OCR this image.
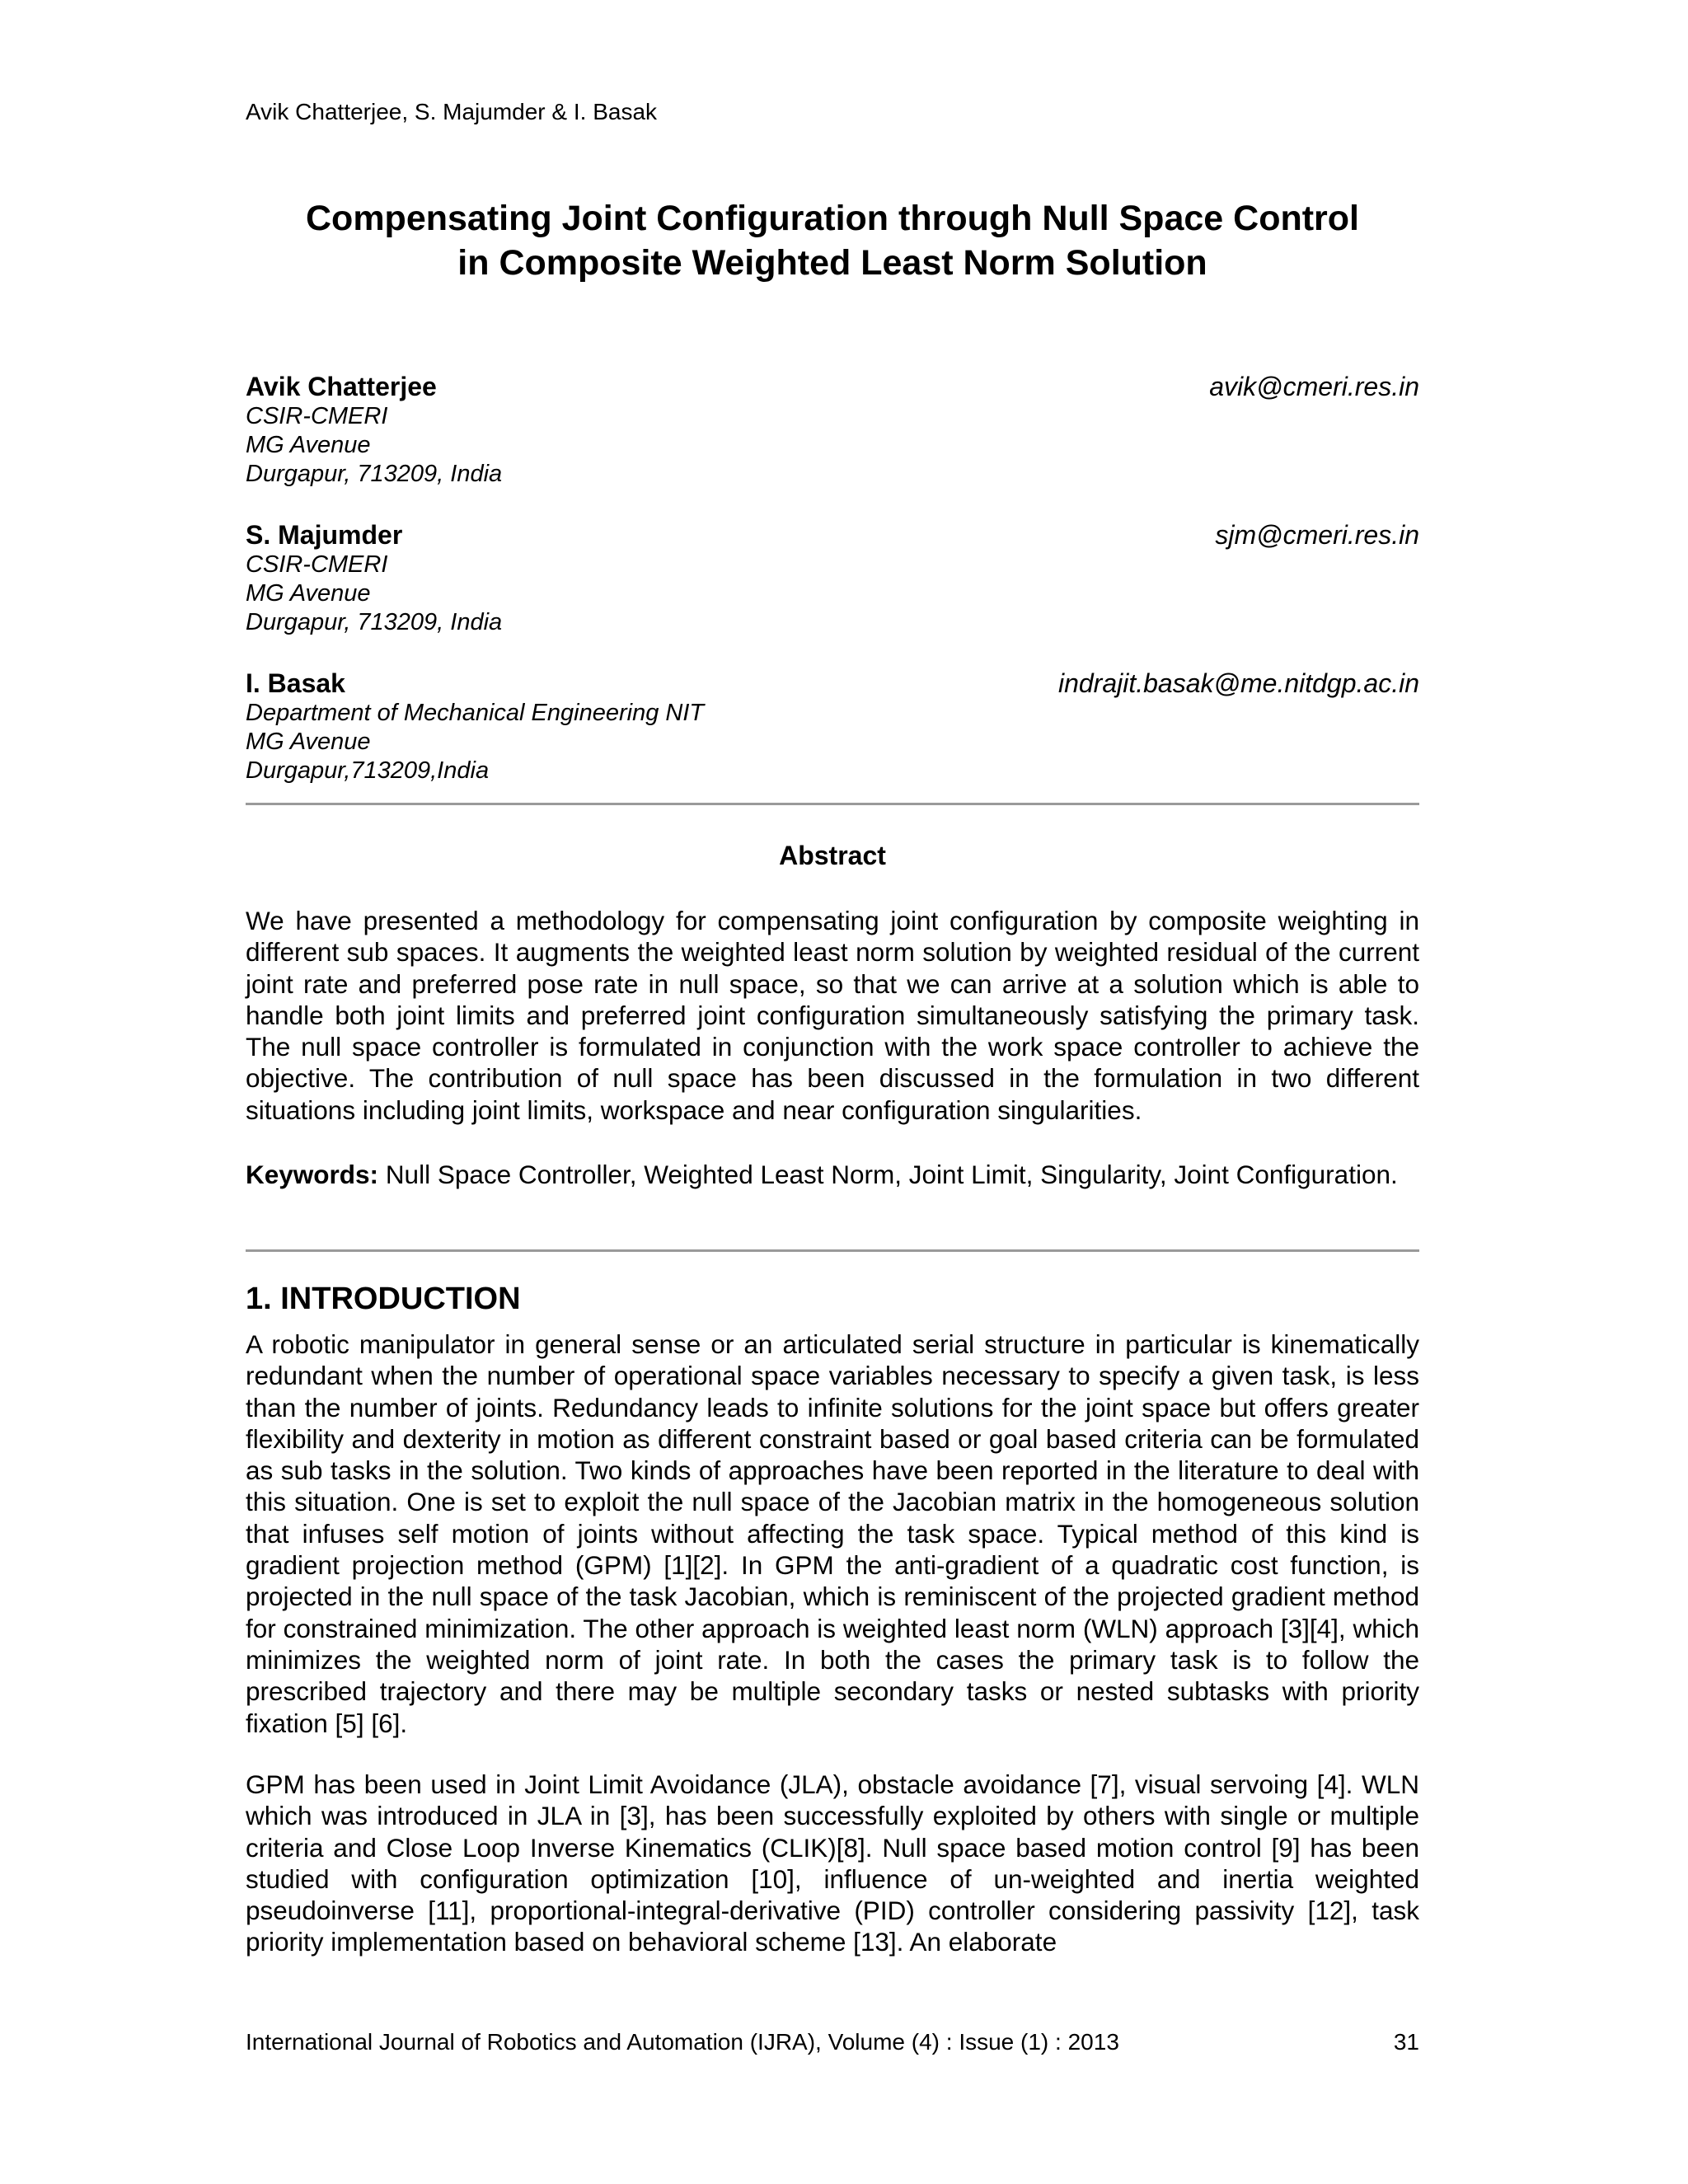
Avik Chatterjee, S. Majumder & I. Basak
Compensating Joint Configuration through Null Space Control
in Composite Weighted Least Norm Solution
Avik Chatterjee	avik@cmeri.res.in
CSIR-CMERI
MG Avenue
Durgapur, 713209, India
S. Majumder	sjm@cmeri.res.in
CSIR-CMERI
MG Avenue
Durgapur, 713209, India
I. Basak	indrajit.basak@me.nitdgp.ac.in
Department of Mechanical Engineering NIT
MG Avenue
Durgapur,713209,India
Abstract

We have presented a methodology for compensating joint configuration by composite weighting in different sub spaces. It augments the weighted least norm solution by weighted residual of the current joint rate and preferred pose rate in null space, so that we can arrive at a solution which is able to handle both joint limits and preferred joint configuration simultaneously satisfying the primary task. The null space controller is formulated in conjunction with the work space controller to achieve the objective. The contribution of null space has been discussed in the formulation in two different situations including joint limits, workspace and near configuration singularities.

Keywords: Null Space Controller, Weighted Least Norm, Joint Limit, Singularity, Joint Configuration.

1. INTRODUCTION

A robotic manipulator in general sense or an articulated serial structure in particular is kinematically redundant when the number of operational space variables necessary to specify a given task, is less than the number of joints. Redundancy leads to infinite solutions for the joint space but offers greater flexibility and dexterity in motion as different constraint based or goal based criteria can be formulated as sub tasks in the solution. Two kinds of approaches have been reported in the literature to deal with this situation. One is set to exploit the null space of the Jacobian matrix in the homogeneous solution that infuses self motion of joints without affecting the task space. Typical method of this kind is gradient projection method (GPM) [1][2]. In GPM the anti-gradient of a quadratic cost function, is projected in the null space of the task Jacobian, which is reminiscent of the projected gradient method for constrained minimization. The other approach is weighted least norm (WLN) approach [3][4], which minimizes the weighted norm of joint rate. In both the cases the primary task is to follow the prescribed trajectory and there may be multiple secondary tasks or nested subtasks with priority fixation [5] [6].

GPM has been used in Joint Limit Avoidance (JLA), obstacle avoidance [7], visual servoing [4]. WLN which was introduced in JLA in [3], has been successfully exploited by others with single or multiple criteria and Close Loop Inverse Kinematics (CLIK)[8]. Null space based motion control [9] has been studied with configuration optimization [10], influence of un-weighted and inertia weighted pseudoinverse [11], proportional-integral-derivative (PID) controller considering passivity [12], task priority implementation based on behavioral scheme [13]. An elaborate

International Journal of Robotics and Automation (IJRA), Volume (4) : Issue (1) : 2013	31
